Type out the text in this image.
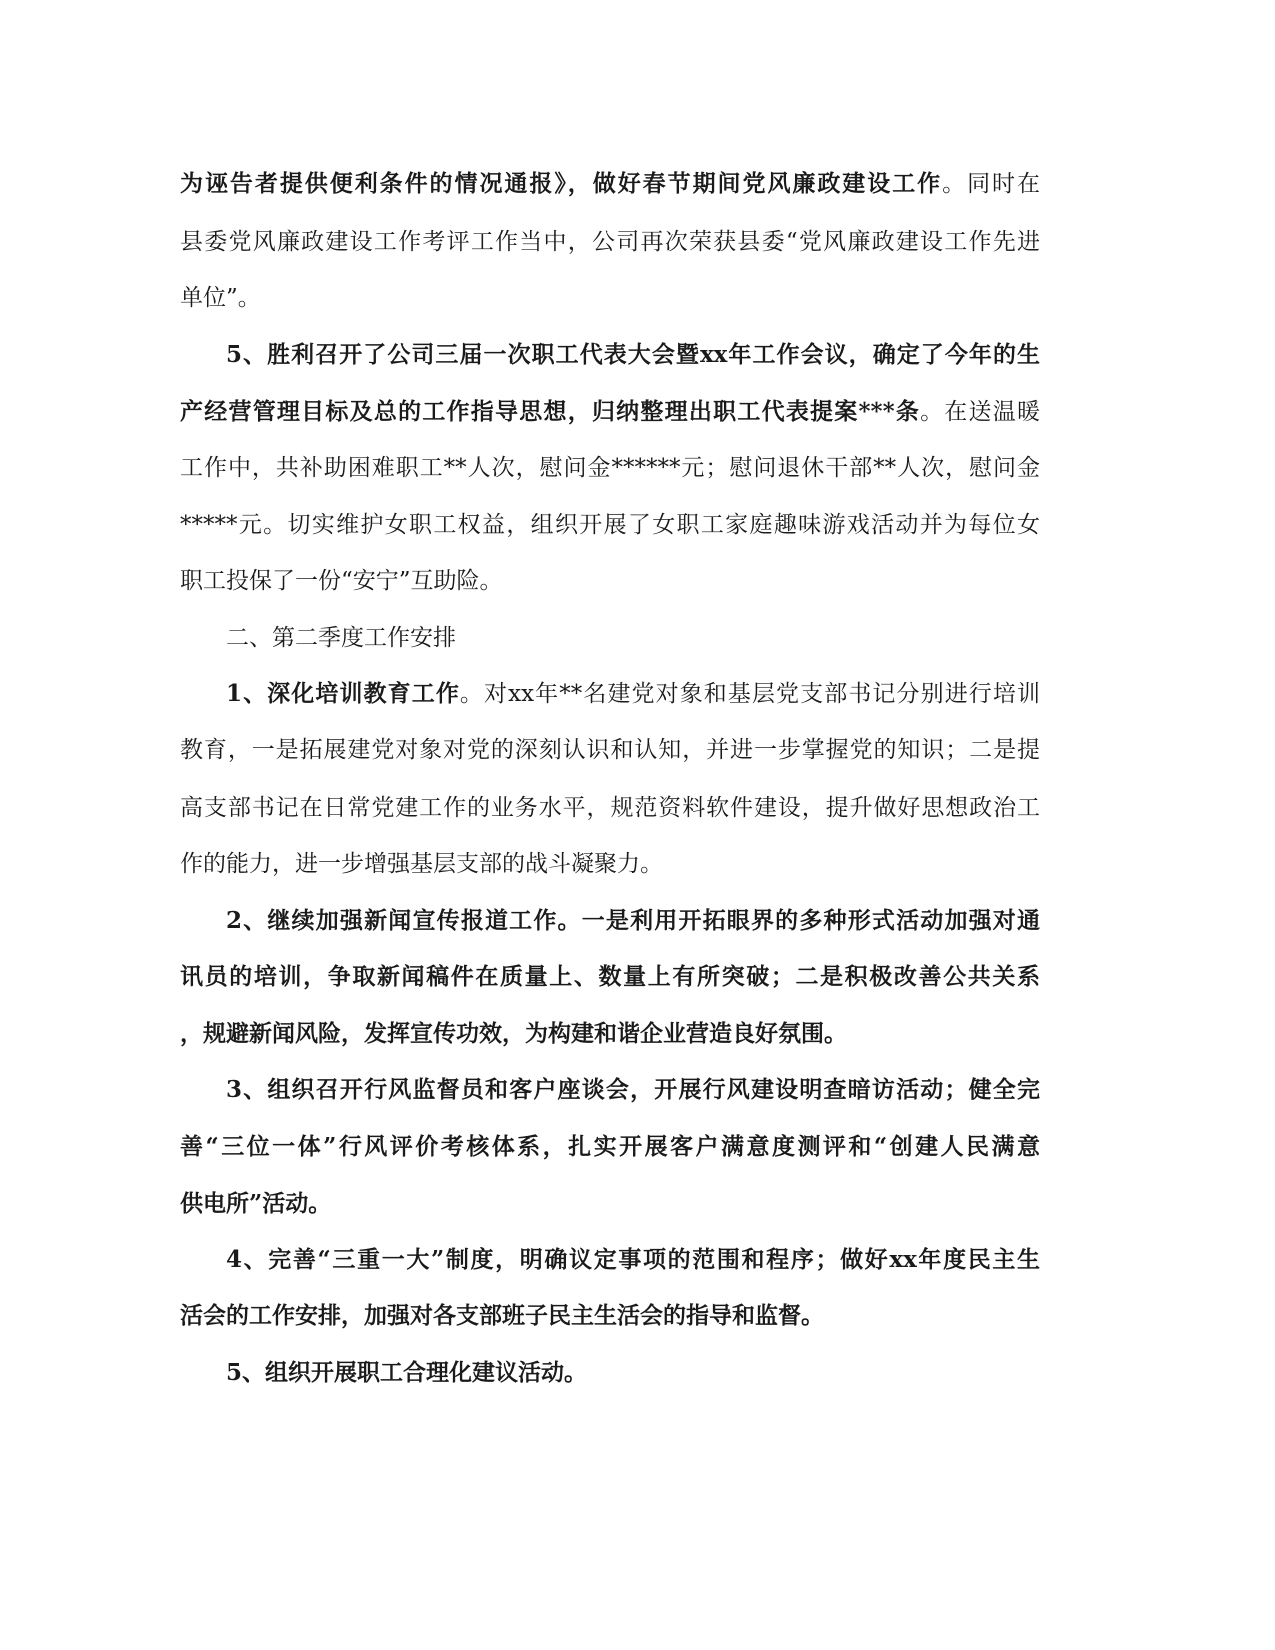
为诬告者提供便利条件的情况通报》，做好春节期间党风廉政建设工作。同时在
县委党风廉政建设工作考评工作当中，公司再次荣获县委“党风廉政建设工作先进
单位”。
5、胜利召开了公司三届一次职工代表大会暨xx年工作会议，确定了今年的生
产经营管理目标及总的工作指导思想，归纳整理出职工代表提案***条。在送温暖
工作中，共补助困难职工**人次，慰问金******元；慰问退休干部**人次，慰问金
*****元。切实维护女职工权益，组织开展了女职工家庭趣味游戏活动并为每位女
职工投保了一份“安宁”互助险。
二、第二季度工作安排
1、深化培训教育工作。对xx年**名建党对象和基层党支部书记分别进行培训
教育，一是拓展建党对象对党的深刻认识和认知，并进一步掌握党的知识；二是提
高支部书记在日常党建工作的业务水平，规范资料软件建设，提升做好思想政治工
作的能力，进一步增强基层支部的战斗凝聚力。
2、继续加强新闻宣传报道工作。一是利用开拓眼界的多种形式活动加强对通
讯员的培训，争取新闻稿件在质量上、数量上有所突破；二是积极改善公共关系
，规避新闻风险，发挥宣传功效，为构建和谐企业营造良好氛围。
3、组织召开行风监督员和客户座谈会，开展行风建设明查暗访活动；健全完
善“三位一体”行风评价考核体系，扎实开展客户满意度测评和“创建人民满意
供电所”活动。
4、完善“三重一大”制度，明确议定事项的范围和程序；做好xx年度民主生
活会的工作安排，加强对各支部班子民主生活会的指导和监督。
5、组织开展职工合理化建议活动。
